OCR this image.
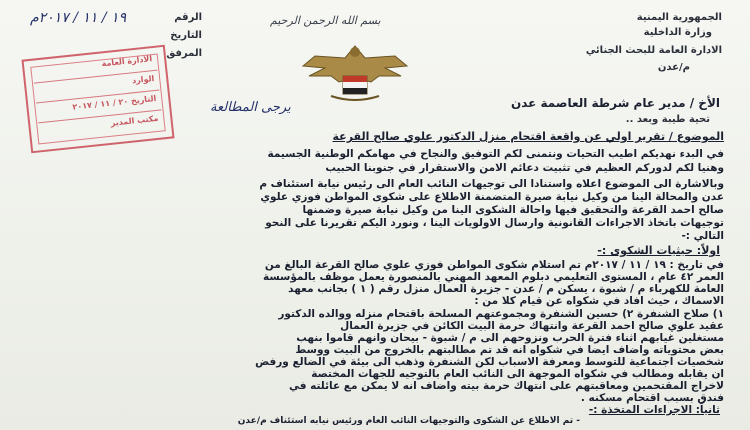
الجمهورية اليمنية
وزارة الداخلية
الادارة العامة للبحث الجنائي
م/عدن
بسم الله الرحمن الرحيم
الرقم
التاريخ
المرفق
١٩ / ١١ / ٢٠١٧م
الادارة العامة
الوارد
التاريخ ٢٠ / ١١ / ٢٠١٧
مكتب المدير
يرجى المطالعة	الأخ / مدير عام شرطة العاصمة عدن
تحية طيبة وبعد ..
الموضوع / تقرير اولي عن واقعة اقتحام منزل الدكتور علوي صالح القرعة
في البدء نهديكم اطيب التحيات ونتمنى لكم التوفيق والنجاح في مهامكم الوطنية الجسيمة
وهنيا لكم لدوركم العظيم في تثبيت دعائم الامن والاستقرار في جنوبنا الحبيب
وبالاشارة الى الموضوع اعلاه واستنادا الى توجيهات النائب العام الى رئيس نيابة استئناف م
عدن والمحالة الينا من وكيل نيابة صيرة المتضمنة الاطلاع على شكوى المواطن فوزي علوي
صالح احمد القرعة والتحقيق فيها واحالة الشكوى الينا من وكيل نيابة صيرة وضمنها
توجيهات باتخاذ الاجراءات القانونية وارسال الاولويات الينا ، ونورد اليكم تقريرنا على النحو
التالي :-
اولاً: حيثيات الشكوى :-
في تاريخ : ١٩ / ١١ / ٢٠١٧م تم استلام شكوى المواطن فوزي علوي صالح القرعة البالغ من
العمر ٤٢ عام ، المستوى التعليمي دبلوم المعهد المهني بالمنصورة يعمل موظف بالمؤسسة
العامة للكهرباء م / شبوة ، يسكن م / عدن - جزيرة العمال منزل رقم ( ١ ) بجانب معهد
الاسماك ، حيث افاد في شكواه عن قيام كلا من :
١) صلاح الشنفرة ٢) حسين الشنفرة ومجموعتهم المسلحة باقتحام منزله ووالده الدكتور
عقيد علوي صالح احمد القرعة وانتهاك حرمة البيت الكائن في جزيرة العمال
مستغلين غيابهم اثناء فترة الحرب ونزوحهم الى م / شبوة - بيحان وانهم قاموا بنهب
بعض محتوياته واضاف ايضا في شكواه انه قد تم مطالبتهم بالخروج من البيت ووسط
شخصيات اجتماعية للتوسط ومعرفة الاسباب لكن الشنفرة وذهب الى بيئة في الضالع ورفض
ان يقابله ومطالب في شكواه الموجهة الى النائب العام بالتوجيه للجهات المختصة
لاخراج المقتحمين ومعاقبتهم على انتهاك حرمة بيته واضاف انه لا يمكن مع عائلته في
فندق بسبب اقتحام مسكنه .
ثانياً: الاجراءات المتخذة :-
- تم الاطلاع عن الشكوى والتوجيهات النائب العام ورئيس نيابه استئناف م/عدن
